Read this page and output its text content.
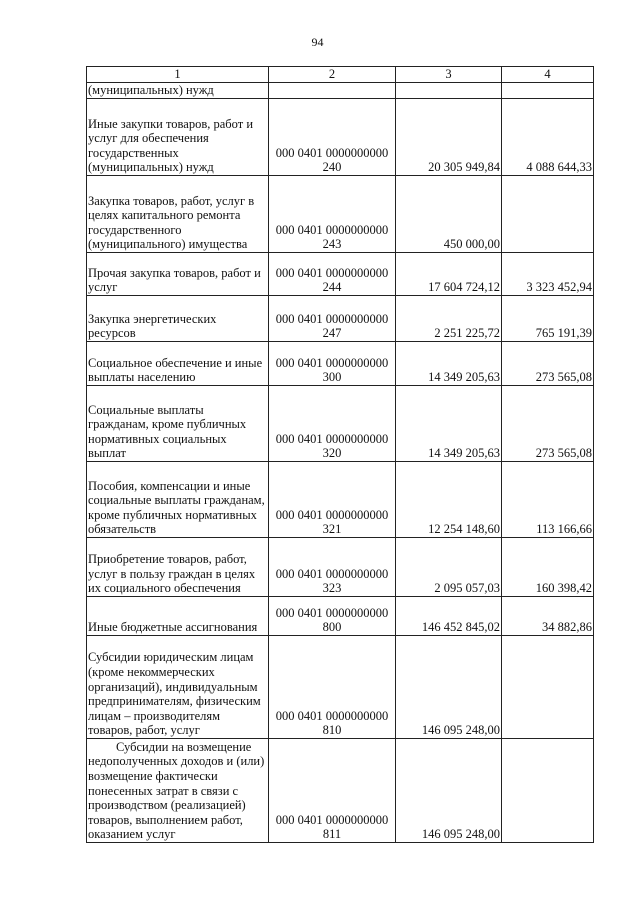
94
1	2	3	4
(муниципальных) нужд			
Иные закупки товаров, работ и услуг для обеспечения государственных (муниципальных) нужд	000 0401 0000000000 240	20 305 949,84	4 088 644,33
Закупка товаров, работ, услуг в целях капитального ремонта государственного (муниципального) имущества	000 0401 0000000000 243	450 000,00	
Прочая закупка товаров, работ и услуг	000 0401 0000000000 244	17 604 724,12	3 323 452,94
Закупка энергетических ресурсов	000 0401 0000000000 247	2 251 225,72	765 191,39
Социальное обеспечение и иные выплаты населению	000 0401 0000000000 300	14 349 205,63	273 565,08
Социальные выплаты гражданам, кроме публичных нормативных социальных выплат	000 0401 0000000000 320	14 349 205,63	273 565,08
Пособия, компенсации и иные социальные выплаты гражданам, кроме публичных нормативных обязательств	000 0401 0000000000 321	12 254 148,60	113 166,66
Приобретение товаров, работ, услуг в пользу граждан в целях их социального обеспечения	000 0401 0000000000 323	2 095 057,03	160 398,42
Иные бюджетные ассигнования	000 0401 0000000000 800	146 452 845,02	34 882,86
Субсидии юридическим лицам (кроме некоммерческих организаций), индивидуальным предпринимателям, физическим лицам – производителям товаров, работ, услуг	000 0401 0000000000 810	146 095 248,00	
Субсидии на возмещение недополученных доходов и (или) возмещение фактически понесенных затрат в связи с производством (реализацией) товаров, выполнением работ, оказанием услуг	000 0401 0000000000 811	146 095 248,00	
